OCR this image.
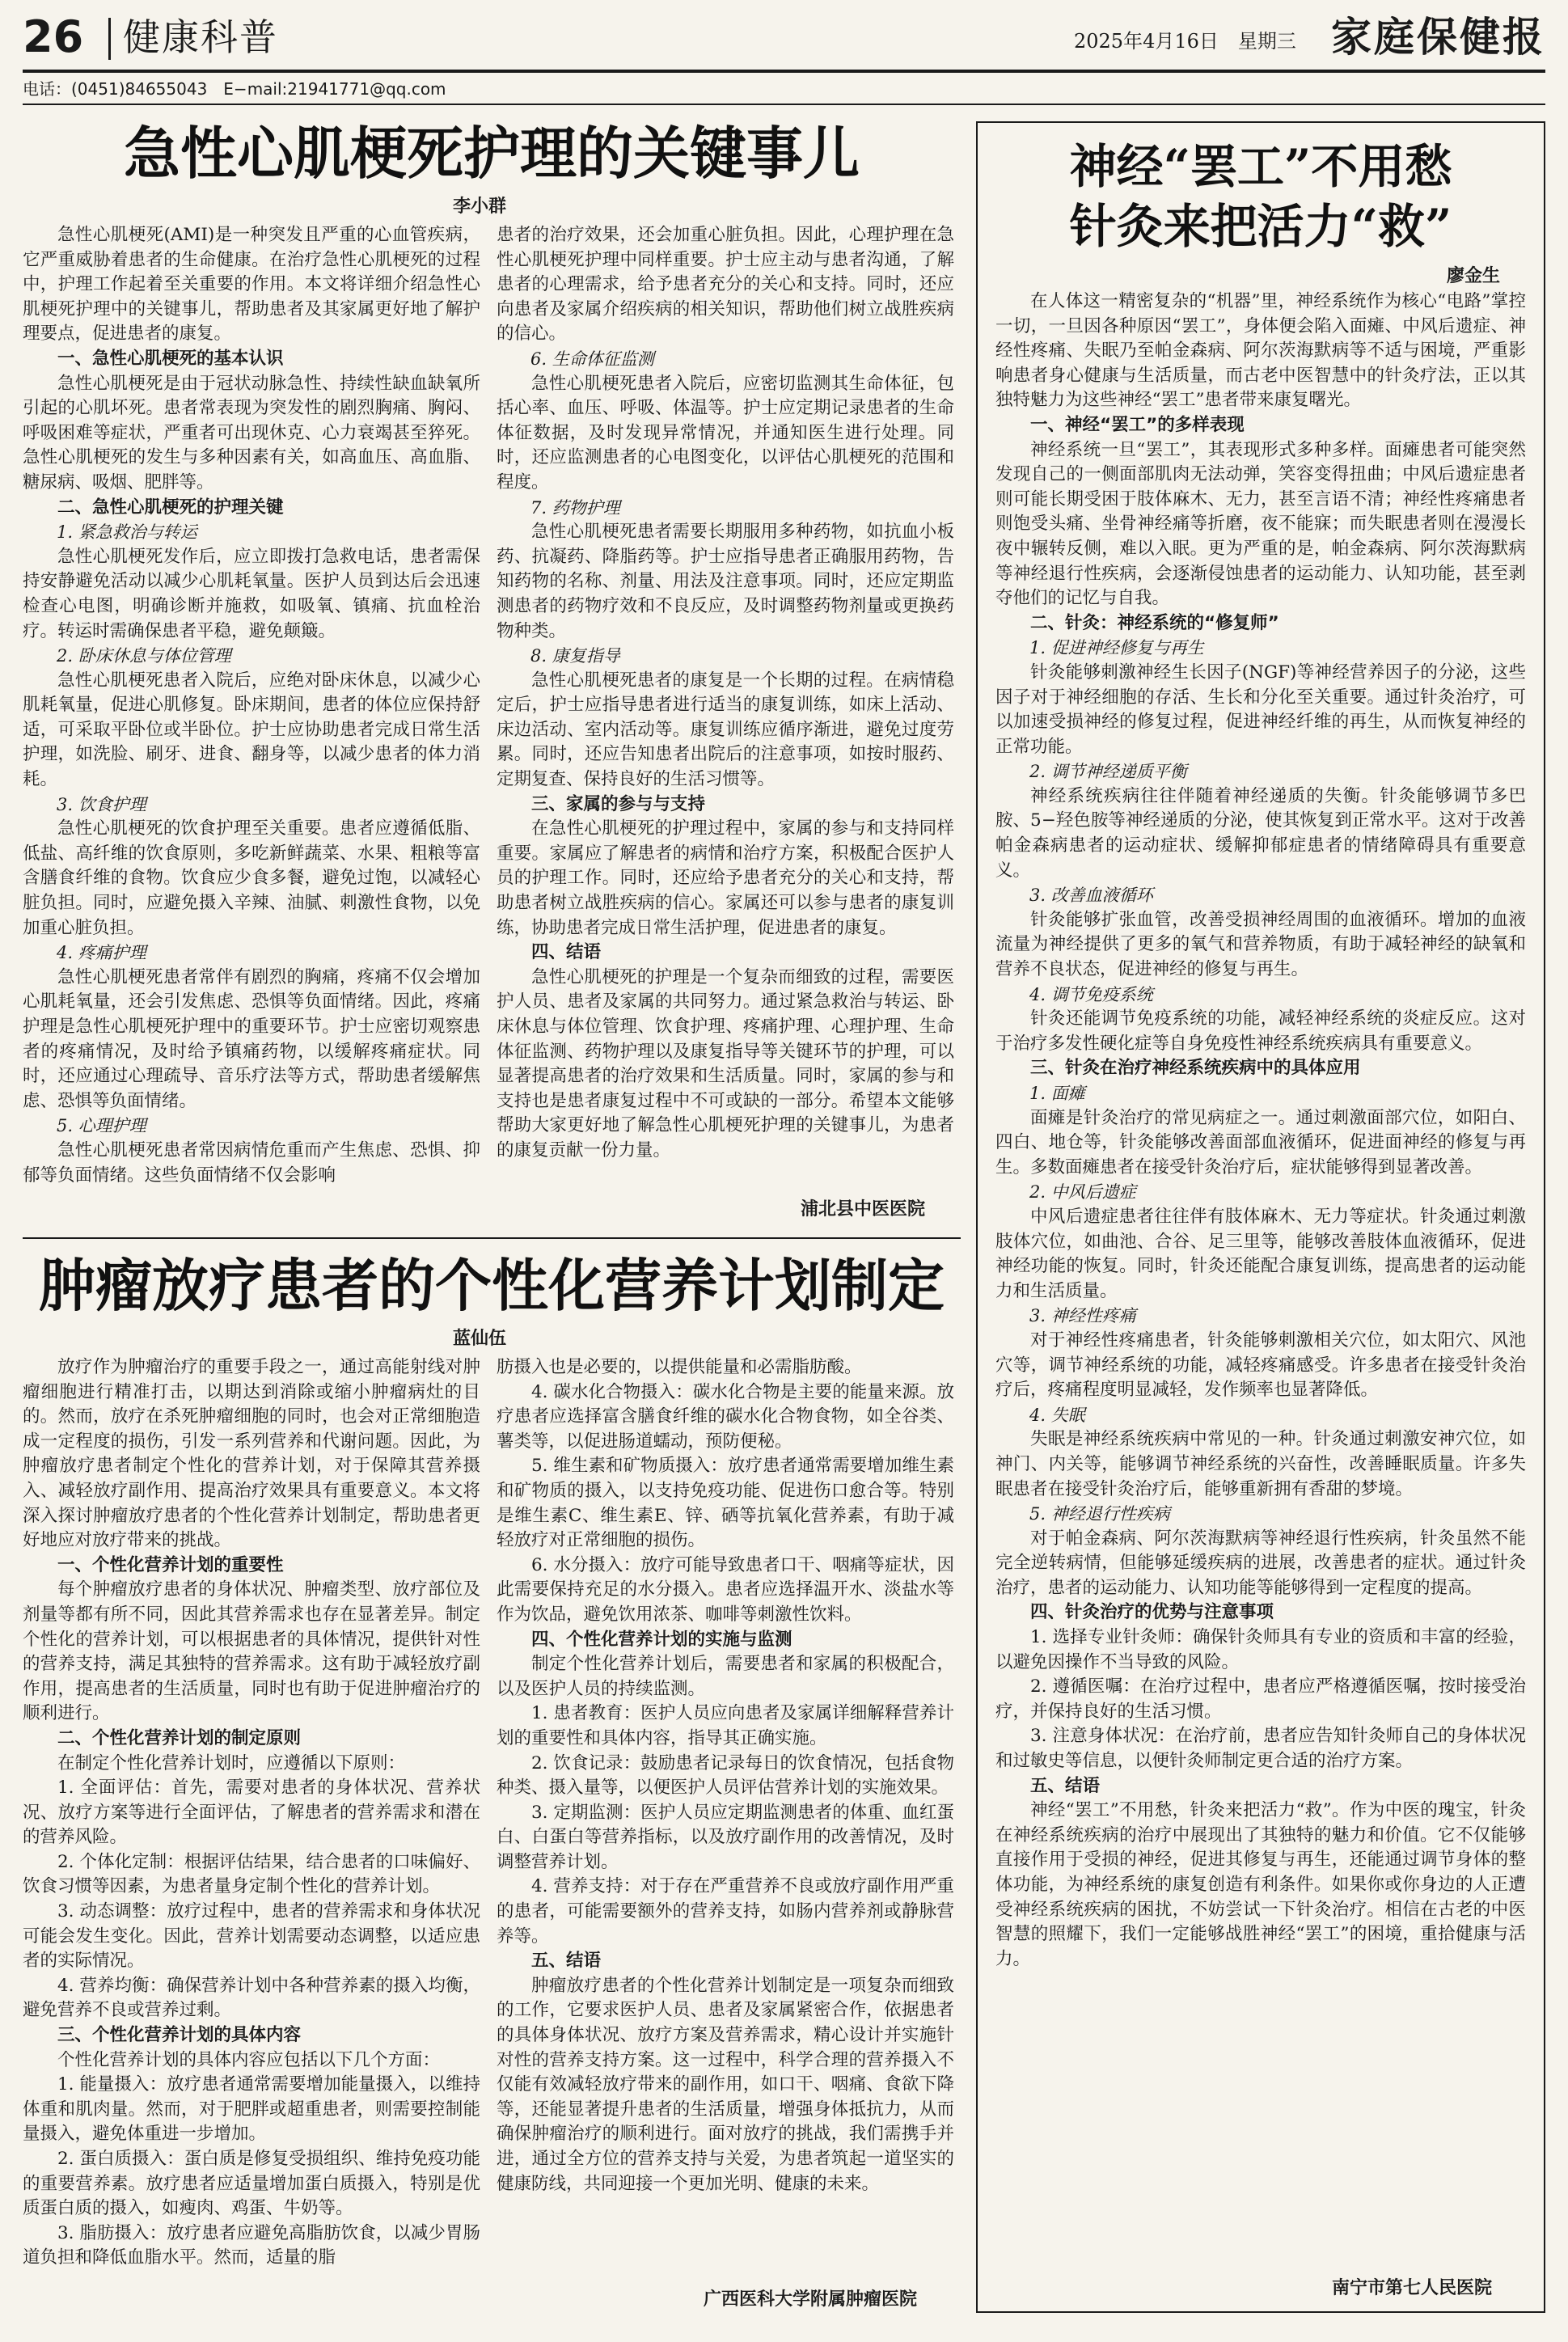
26 健康科普	2025年4月16日　星期三 家庭保健报
电话：(0451)84655043　E−mail:21941771@qq.com
急性心肌梗死护理的关键事儿
李小群

急性心肌梗死(AMI)是一种突发且严重的心血管疾病，它严重威胁着患者的生命健康。在治疗急性心肌梗死的过程中，护理工作起着至关重要的作用。本文将详细介绍急性心肌梗死护理中的关键事儿，帮助患者及其家属更好地了解护理要点，促进患者的康复。

一、急性心肌梗死的基本认识

急性心肌梗死是由于冠状动脉急性、持续性缺血缺氧所引起的心肌坏死。患者常表现为突发性的剧烈胸痛、胸闷、呼吸困难等症状，严重者可出现休克、心力衰竭甚至猝死。急性心肌梗死的发生与多种因素有关，如高血压、高血脂、糖尿病、吸烟、肥胖等。

二、急性心肌梗死的护理关键
1. 紧急救治与转运

急性心肌梗死发作后，应立即拨打急救电话，患者需保持安静避免活动以减少心肌耗氧量。医护人员到达后会迅速检查心电图，明确诊断并施救，如吸氧、镇痛、抗血栓治疗。转运时需确保患者平稳，避免颠簸。

2. 卧床休息与体位管理

急性心肌梗死患者入院后，应绝对卧床休息，以减少心肌耗氧量，促进心肌修复。卧床期间，患者的体位应保持舒适，可采取平卧位或半卧位。护士应协助患者完成日常生活护理，如洗脸、刷牙、进食、翻身等，以减少患者的体力消耗。

3. 饮食护理

急性心肌梗死的饮食护理至关重要。患者应遵循低脂、低盐、高纤维的饮食原则，多吃新鲜蔬菜、水果、粗粮等富含膳食纤维的食物。饮食应少食多餐，避免过饱，以减轻心脏负担。同时，应避免摄入辛辣、油腻、刺激性食物，以免加重心脏负担。

4. 疼痛护理

急性心肌梗死患者常伴有剧烈的胸痛，疼痛不仅会增加心肌耗氧量，还会引发焦虑、恐惧等负面情绪。因此，疼痛护理是急性心肌梗死护理中的重要环节。护士应密切观察患者的疼痛情况，及时给予镇痛药物，以缓解疼痛症状。同时，还应通过心理疏导、音乐疗法等方式，帮助患者缓解焦虑、恐惧等负面情绪。

5. 心理护理

急性心肌梗死患者常因病情危重而产生焦虑、恐惧、抑郁等负面情绪。这些负面情绪不仅会影响

患者的治疗效果，还会加重心脏负担。因此，心理护理在急性心肌梗死护理中同样重要。护士应主动与患者沟通，了解患者的心理需求，给予患者充分的关心和支持。同时，还应向患者及家属介绍疾病的相关知识，帮助他们树立战胜疾病的信心。

6. 生命体征监测

急性心肌梗死患者入院后，应密切监测其生命体征，包括心率、血压、呼吸、体温等。护士应定期记录患者的生命体征数据，及时发现异常情况，并通知医生进行处理。同时，还应监测患者的心电图变化，以评估心肌梗死的范围和程度。

7. 药物护理

急性心肌梗死患者需要长期服用多种药物，如抗血小板药、抗凝药、降脂药等。护士应指导患者正确服用药物，告知药物的名称、剂量、用法及注意事项。同时，还应定期监测患者的药物疗效和不良反应，及时调整药物剂量或更换药物种类。

8. 康复指导

急性心肌梗死患者的康复是一个长期的过程。在病情稳定后，护士应指导患者进行适当的康复训练，如床上活动、床边活动、室内活动等。康复训练应循序渐进，避免过度劳累。同时，还应告知患者出院后的注意事项，如按时服药、定期复查、保持良好的生活习惯等。

三、家属的参与与支持

在急性心肌梗死的护理过程中，家属的参与和支持同样重要。家属应了解患者的病情和治疗方案，积极配合医护人员的护理工作。同时，还应给予患者充分的关心和支持，帮助患者树立战胜疾病的信心。家属还可以参与患者的康复训练，协助患者完成日常生活护理，促进患者的康复。

四、结语

急性心肌梗死的护理是一个复杂而细致的过程，需要医护人员、患者及家属的共同努力。通过紧急救治与转运、卧床休息与体位管理、饮食护理、疼痛护理、心理护理、生命体征监测、药物护理以及康复指导等关键环节的护理，可以显著提高患者的治疗效果和生活质量。同时，家属的参与和支持也是患者康复过程中不可或缺的一部分。希望本文能够帮助大家更好地了解急性心肌梗死护理的关键事儿，为患者的康复贡献一份力量。

浦北县中医医院
肿瘤放疗患者的个性化营养计划制定
蓝仙伍

放疗作为肿瘤治疗的重要手段之一，通过高能射线对肿瘤细胞进行精准打击，以期达到消除或缩小肿瘤病灶的目的。然而，放疗在杀死肿瘤细胞的同时，也会对正常细胞造成一定程度的损伤，引发一系列营养和代谢问题。因此，为肿瘤放疗患者制定个性化的营养计划，对于保障其营养摄入、减轻放疗副作用、提高治疗效果具有重要意义。本文将深入探讨肿瘤放疗患者的个性化营养计划制定，帮助患者更好地应对放疗带来的挑战。

一、个性化营养计划的重要性

每个肿瘤放疗患者的身体状况、肿瘤类型、放疗部位及剂量等都有所不同，因此其营养需求也存在显著差异。制定个性化的营养计划，可以根据患者的具体情况，提供针对性的营养支持，满足其独特的营养需求。这有助于减轻放疗副作用，提高患者的生活质量，同时也有助于促进肿瘤治疗的顺利进行。

二、个性化营养计划的制定原则

在制定个性化营养计划时，应遵循以下原则：

1. 全面评估：首先，需要对患者的身体状况、营养状况、放疗方案等进行全面评估，了解患者的营养需求和潜在的营养风险。

2. 个体化定制：根据评估结果，结合患者的口味偏好、饮食习惯等因素，为患者量身定制个性化的营养计划。

3. 动态调整：放疗过程中，患者的营养需求和身体状况可能会发生变化。因此，营养计划需要动态调整，以适应患者的实际情况。

4. 营养均衡：确保营养计划中各种营养素的摄入均衡，避免营养不良或营养过剩。

三、个性化营养计划的具体内容

个性化营养计划的具体内容应包括以下几个方面：

1. 能量摄入：放疗患者通常需要增加能量摄入，以维持体重和肌肉量。然而，对于肥胖或超重患者，则需要控制能量摄入，避免体重进一步增加。

2. 蛋白质摄入：蛋白质是修复受损组织、维持免疫功能的重要营养素。放疗患者应适量增加蛋白质摄入，特别是优质蛋白质的摄入，如瘦肉、鸡蛋、牛奶等。

3. 脂肪摄入：放疗患者应避免高脂肪饮食，以减少胃肠道负担和降低血脂水平。然而，适量的脂

肪摄入也是必要的，以提供能量和必需脂肪酸。

4. 碳水化合物摄入：碳水化合物是主要的能量来源。放疗患者应选择富含膳食纤维的碳水化合物食物，如全谷类、薯类等，以促进肠道蠕动，预防便秘。

5. 维生素和矿物质摄入：放疗患者通常需要增加维生素和矿物质的摄入，以支持免疫功能、促进伤口愈合等。特别是维生素C、维生素E、锌、硒等抗氧化营养素，有助于减轻放疗对正常细胞的损伤。

6. 水分摄入：放疗可能导致患者口干、咽痛等症状，因此需要保持充足的水分摄入。患者应选择温开水、淡盐水等作为饮品，避免饮用浓茶、咖啡等刺激性饮料。

四、个性化营养计划的实施与监测

制定个性化营养计划后，需要患者和家属的积极配合，以及医护人员的持续监测。

1. 患者教育：医护人员应向患者及家属详细解释营养计划的重要性和具体内容，指导其正确实施。

2. 饮食记录：鼓励患者记录每日的饮食情况，包括食物种类、摄入量等，以便医护人员评估营养计划的实施效果。

3. 定期监测：医护人员应定期监测患者的体重、血红蛋白、白蛋白等营养指标，以及放疗副作用的改善情况，及时调整营养计划。

4. 营养支持：对于存在严重营养不良或放疗副作用严重的患者，可能需要额外的营养支持，如肠内营养剂或静脉营养等。

五、结语

肿瘤放疗患者的个性化营养计划制定是一项复杂而细致的工作，它要求医护人员、患者及家属紧密合作，依据患者的具体身体状况、放疗方案及营养需求，精心设计并实施针对性的营养支持方案。这一过程中，科学合理的营养摄入不仅能有效减轻放疗带来的副作用，如口干、咽痛、食欲下降等，还能显著提升患者的生活质量，增强身体抵抗力，从而确保肿瘤治疗的顺利进行。面对放疗的挑战，我们需携手并进，通过全方位的营养支持与关爱，为患者筑起一道坚实的健康防线，共同迎接一个更加光明、健康的未来。

广西医科大学附属肿瘤医院
神经“罢工”不用愁
针灸来把活力“救”
廖金生

在人体这一精密复杂的“机器”里，神经系统作为核心“电路”掌控一切，一旦因各种原因“罢工”，身体便会陷入面瘫、中风后遗症、神经性疼痛、失眠乃至帕金森病、阿尔茨海默病等不适与困境，严重影响患者身心健康与生活质量，而古老中医智慧中的针灸疗法，正以其独特魅力为这些神经“罢工”患者带来康复曙光。

一、神经“罢工”的多样表现

神经系统一旦“罢工”，其表现形式多种多样。面瘫患者可能突然发现自己的一侧面部肌肉无法动弹，笑容变得扭曲；中风后遗症患者则可能长期受困于肢体麻木、无力，甚至言语不清；神经性疼痛患者则饱受头痛、坐骨神经痛等折磨，夜不能寐；而失眠患者则在漫漫长夜中辗转反侧，难以入眠。更为严重的是，帕金森病、阿尔茨海默病等神经退行性疾病，会逐渐侵蚀患者的运动能力、认知功能，甚至剥夺他们的记忆与自我。

二、针灸：神经系统的“修复师”
1. 促进神经修复与再生

针灸能够刺激神经生长因子(NGF)等神经营养因子的分泌，这些因子对于神经细胞的存活、生长和分化至关重要。通过针灸治疗，可以加速受损神经的修复过程，促进神经纤维的再生，从而恢复神经的正常功能。

2. 调节神经递质平衡

神经系统疾病往往伴随着神经递质的失衡。针灸能够调节多巴胺、5−羟色胺等神经递质的分泌，使其恢复到正常水平。这对于改善帕金森病患者的运动症状、缓解抑郁症患者的情绪障碍具有重要意义。

3. 改善血液循环

针灸能够扩张血管，改善受损神经周围的血液循环。增加的血液流量为神经提供了更多的氧气和营养物质，有助于减轻神经的缺氧和营养不良状态，促进神经的修复与再生。

4. 调节免疫系统

针灸还能调节免疫系统的功能，减轻神经系统的炎症反应。这对于治疗多发性硬化症等自身免疫性神经系统疾病具有重要意义。

三、针灸在治疗神经系统疾病中的具体应用
1. 面瘫

面瘫是针灸治疗的常见病症之一。通过刺激面部穴位，如阳白、四白、地仓等，针灸能够改善面部血液循环，促进面神经的修复与再生。多数面瘫患者在接受针灸治疗后，症状能够得到显著改善。

2. 中风后遗症

中风后遗症患者往往伴有肢体麻木、无力等症状。针灸通过刺激肢体穴位，如曲池、合谷、足三里等，能够改善肢体血液循环，促进神经功能的恢复。同时，针灸还能配合康复训练，提高患者的运动能力和生活质量。

3. 神经性疼痛

对于神经性疼痛患者，针灸能够刺激相关穴位，如太阳穴、风池穴等，调节神经系统的功能，减轻疼痛感受。许多患者在接受针灸治疗后，疼痛程度明显减轻，发作频率也显著降低。

4. 失眠

失眠是神经系统疾病中常见的一种。针灸通过刺激安神穴位，如神门、内关等，能够调节神经系统的兴奋性，改善睡眠质量。许多失眠患者在接受针灸治疗后，能够重新拥有香甜的梦境。

5. 神经退行性疾病

对于帕金森病、阿尔茨海默病等神经退行性疾病，针灸虽然不能完全逆转病情，但能够延缓疾病的进展，改善患者的症状。通过针灸治疗，患者的运动能力、认知功能等能够得到一定程度的提高。

四、针灸治疗的优势与注意事项

1. 选择专业针灸师：确保针灸师具有专业的资质和丰富的经验，以避免因操作不当导致的风险。

2. 遵循医嘱：在治疗过程中，患者应严格遵循医嘱，按时接受治疗，并保持良好的生活习惯。

3. 注意身体状况：在治疗前，患者应告知针灸师自己的身体状况和过敏史等信息，以便针灸师制定更合适的治疗方案。

五、结语

神经“罢工”不用愁，针灸来把活力“救”。作为中医的瑰宝，针灸在神经系统疾病的治疗中展现出了其独特的魅力和价值。它不仅能够直接作用于受损的神经，促进其修复与再生，还能通过调节身体的整体功能，为神经系统的康复创造有利条件。如果你或你身边的人正遭受神经系统疾病的困扰，不妨尝试一下针灸治疗。相信在古老的中医智慧的照耀下，我们一定能够战胜神经“罢工”的困境，重拾健康与活力。

南宁市第七人民医院
